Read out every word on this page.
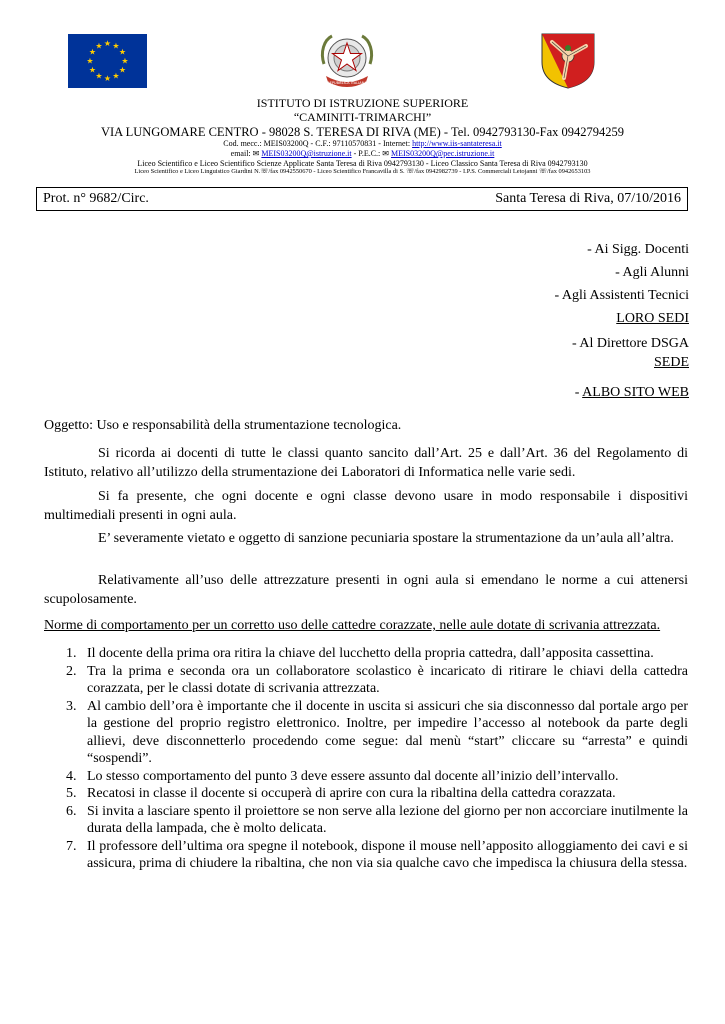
★ ★
★
★
★
★
★
★
★
★
★
★
REPUBBLICA ITALIANA
ISTITUTO DI ISTRUZIONE SUPERIORE
“CAMINITI-TRIMARCHI”
VIA LUNGOMARE CENTRO - 98028 S. TERESA DI RIVA (ME) - Tel. 0942793130-Fax 0942794259
Cod. mecc.: MEIS03200Q - C.F.: 97110570831 - Internet: http://www.iis-santateresa.it
email: ✉ MEIS03200Q@istruzione.it - P.E.C.: ✉ MEIS03200Q@pec.istruzione.it
Liceo Scientifico e Liceo Scientifico Scienze Applicate Santa Teresa di Riva 0942793130 - Liceo Classico Santa Teresa di Riva 0942793130
Liceo Scientifico e Liceo Linguistico Giardini N.☏/fax 0942550670 - Liceo Scientifico Francavilla di S. ☏/fax 0942982739 - I.P.S. Commerciali Letojanni ☏/fax 0942653103
Prot. n° 9682/Circ.	Santa Teresa di Riva, 07/10/2016
- Ai Sigg. Docenti
- Agli Alunni
- Agli Assistenti Tecnici
LORO SEDI
- Al Direttore DSGA
SEDE
- ALBO SITO WEB
Oggetto: Uso e responsabilità della strumentazione tecnologica.
Si ricorda ai docenti di tutte le classi quanto sancito dall’Art. 25 e dall’Art. 36 del Regolamento di Istituto, relativo all’utilizzo della strumentazione dei Laboratori di Informatica nelle varie sedi.
Si fa presente, che ogni docente e ogni classe devono usare in modo responsabile i dispositivi multimediali presenti in ogni aula.
E’ severamente vietato e oggetto di sanzione pecuniaria spostare la strumentazione da un’aula all’altra.
Relativamente all’uso delle attrezzature presenti in ogni aula si emendano le norme a cui attenersi scupolosamente.
Norme di comportamento per un corretto uso delle cattedre corazzate, nelle aule dotate di scrivania attrezzata.
1. Il docente della prima ora ritira la chiave del lucchetto della propria cattedra, dall’apposita cassettina.
2. Tra la prima e seconda ora un collaboratore scolastico è incaricato di ritirare le chiavi della cattedra corazzata, per le classi dotate di scrivania attrezzata.
3. Al cambio dell’ora è importante che il docente in uscita si assicuri che sia disconnesso dal portale argo per la gestione del proprio registro elettronico. Inoltre, per impedire l’accesso al notebook da parte degli allievi, deve disconnetterlo procedendo come segue: dal menù “start” cliccare su “arresta” e quindi “sospendi”.
4. Lo stesso comportamento del punto 3 deve essere assunto dal docente all’inizio dell’intervallo.
5. Recatosi in classe il docente si occuperà di aprire con cura la ribaltina della cattedra corazzata.
6. Si invita a lasciare spento il proiettore se non serve alla lezione del giorno per non accorciare inutilmente la durata della lampada, che è molto delicata.
7. Il professore dell’ultima ora spegne il notebook, dispone il mouse nell’apposito alloggiamento dei cavi e si assicura, prima di chiudere la ribaltina, che non via sia qualche cavo che impedisca la chiusura della stessa.
